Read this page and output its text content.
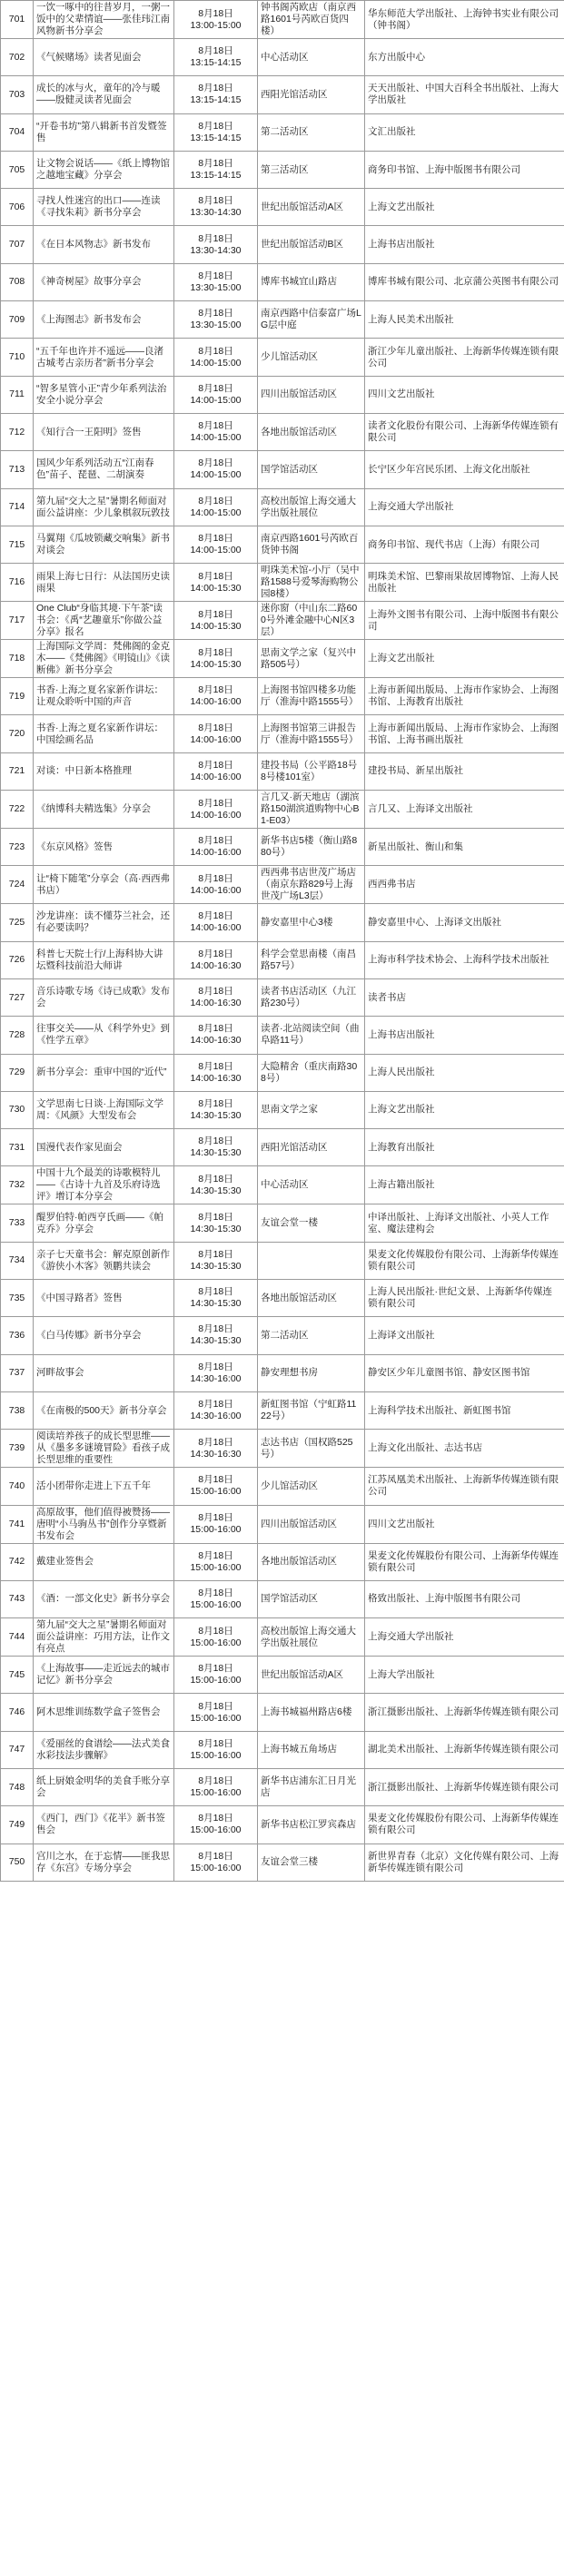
701	一饮一啄中的往昔岁月，一粥一饭中的父辈情谊——张佳玮江南风物新书分享会	8月18日
13:00-15:00	钟书阁芮欧店（南京西路1601号芮欧百货四楼）	华东师范大学出版社、上海钟书实业有限公司（钟书阁）
702	《气候赌场》读者见面会	8月18日
13:15-14:15	中心活动区	东方出版中心
703	成长的冰与火，童年的冷与暖——殷健灵读者见面会	8月18日
13:15-14:15	西阳光馆活动区	天天出版社、中国大百科全书出版社、上海大学出版社
704	“开卷书坊”第八辑新书首发暨签售	8月18日
13:15-14:15	第二活动区	文汇出版社
705	让文物会说话——《纸上博物馆之越地宝藏》分享会	8月18日
13:15-14:15	第三活动区	商务印书馆、上海中版图书有限公司
706	寻找人性迷宫的出口——连读《寻找朱莉》新书分享会	8月18日
13:30-14:30	世纪出版馆活动A区	上海文艺出版社
707	《在日本风物志》新书发布	8月18日
13:30-14:30	世纪出版馆活动B区	上海书店出版社
708	《神奇树屋》故事分享会	8月18日
13:30-15:00	博库书城宜山路店	博库书城有限公司、北京蒲公英图书有限公司
709	《上海图志》新书发布会	8月18日
13:30-15:00	南京西路中信泰富广场LG层中庭	上海人民美术出版社
710	“五千年也许并不遥远——良渚古城考古亲历者”新书分享会	8月18日
14:00-15:00	少儿馆活动区	浙江少年儿童出版社、上海新华传媒连锁有限公司
711	“智多星管小正”青少年系列法治安全小说分享会	8月18日
14:00-15:00	四川出版馆活动区	四川文艺出版社
712	《知行合一王阳明》签售	8月18日
14:00-15:00	各地出版馆活动区	读者文化股份有限公司、上海新华传媒连锁有限公司
713	国风少年系列活动五“江南春色”苗子、琵琶、二胡演奏	8月18日
14:00-15:00	国学馆活动区	长宁区少年宫民乐团、上海文化出版社
714	第九届“交大之星”暑期名师面对面公益讲座：少儿象棋叙玩敦技	8月18日
14:00-15:00	高校出版馆上海交通大学出版社展位	上海交通大学出版社
715	马翼翔《瓜坡锁藏交响集》新书对谈会	8月18日
14:00-15:00	南京西路1601号芮欧百货钟书阁	商务印书馆、现代书店（上海）有限公司
716	雨果上海七日行：从法国历史读雨果	8月18日
14:00-15:30	明珠美术馆-小厅（吴中路1588号爱琴海购物公园8楼）	明珠美术馆、巴黎雨果故居博物馆、上海人民出版社
717	One Club“身临其境·下午茶”读书会：《禹“艺趣童乐”你做公益分享》报名	8月18日
14:00-15:30	迷你窗（中山东二路600号外滩金融中心N区3层）	上海外文图书有限公司、上海中版图书有限公司
718	上海国际文学周：梵佛阁的金克木——《梵佛阁》《明镜山》《读断佛》新书分享会	8月18日
14:00-15:30	思南文学之家（复兴中路505号）	上海文艺出版社
719	书香·上海之夏名家新作讲坛：让观众聆听中国的声音	8月18日
14:00-16:00	上海图书馆四楼多功能厅（淮海中路1555号）	上海市新闻出版局、上海市作家协会、上海图书馆、上海教育出版社
720	书香·上海之夏名家新作讲坛：中国绘画名品	8月18日
14:00-16:00	上海图书馆第三讲报告厅（淮海中路1555号）	上海市新闻出版局、上海市作家协会、上海图书馆、上海书画出版社
721	对谈：中日新本格推理	8月18日
14:00-16:00	建投书局（公平路18号8号楼101室）	建投书局、新星出版社
722	《纳博科夫精选集》分享会	8月18日
14:00-16:00	言几又·新天地店（湖滨路150湖滨道购物中心B1-E03）	言几又、上海译文出版社
723	《东京风格》签售	8月18日
14:00-16:00	新华书店5楼（衡山路880号）	新星出版社、衡山和集
724	让“椅下随笔”分享会（高·西西弗书店）	8月18日
14:00-16:00	西西弗书店世茂广场店（南京东路829号上海世茂广场L3层）	西西弗书店
725	沙龙讲座：读不懂芬兰社会，还有必要读吗？	8月18日
14:00-16:00	静安嘉里中心3楼	静安嘉里中心、上海译文出版社
726	科普七天院士行/上海科协大讲坛暨科技前沿大师讲	8月18日
14:00-16:30	科学会堂思南楼（南昌路57号）	上海市科学技术协会、上海科学技术出版社
727	音乐诗歌专场《诗已成歌》发布会	8月18日
14:00-16:30	读者书店活动区（九江路230号）	读者书店
728	往事交关——从《科学外史》到《性学五章》	8月18日
14:00-16:30	读者·北站阅读空间（曲阜路11号）	上海书店出版社
729	新书分享会：重审中国的“近代”	8月18日
14:00-16:30	大隐精舍（重庆南路308号）	上海人民出版社
730	文学思南七日谈·上海国际文学周：《风颜》大型发布会	8月18日
14:30-15:30	思南文学之家	上海文艺出版社
731	国漫代表作家见面会	8月18日
14:30-15:30	西阳光馆活动区	上海教育出版社
732	中国十九个最美的诗歌模特儿——《古诗十九首及乐府诗选评》增订本分享会	8月18日
14:30-15:30	中心活动区	上海古籍出版社
733	醍罗伯特·帕西亨氏画——《帕克乔》分享会	8月18日
14:30-15:30	友谊会堂一楼	中译出版社、上海译文出版社、小英人工作室、魔法建构会
734	亲子七天童书会：解克原创新作《游侠小木客》领鹏共读会	8月18日
14:30-15:30		果麦文化传媒股份有限公司、上海新华传媒连锁有限公司
735	《中国寻路者》签售	8月18日
14:30-15:30	各地出版馆活动区	上海人民出版社·世纪文景、上海新华传媒连锁有限公司
736	《白马传娜》新书分享会	8月18日
14:30-15:30	第二活动区	上海译文出版社
737	河畔故事会	8月18日
14:30-16:00	静安理想书房	静安区少年儿童图书馆、静安区图书馆
738	《在南极的500天》新书分享会	8月18日
14:30-16:00	新虹图书馆（宁虹路1122号）	上海科学技术出版社、新虹图书馆
739	阅读培养孩子的成长型思维——从《墨多多谜境冒险》看孩子成长型思维的重要性	8月18日
14:30-16:30	志达书店（国权路525号）	上海文化出版社、志达书店
740	活小团带你走进上下五千年	8月18日
15:00-16:00	少儿馆活动区	江苏凤凰美术出版社、上海新华传媒连锁有限公司
741	高原故事，他们值得被赞扬——唐明“小马驹丛书”创作分享暨新书发布会	8月18日
15:00-16:00	四川出版馆活动区	四川文艺出版社
742	戴建业签售会	8月18日
15:00-16:00	各地出版馆活动区	果麦文化传媒股份有限公司、上海新华传媒连锁有限公司
743	《酒：一部文化史》新书分享会	8月18日
15:00-16:00	国学馆活动区	格致出版社、上海中版图书有限公司
744	第九届“交大之星”暑期名师面对面公益讲座：巧用方法，让作文有亮点	8月18日
15:00-16:00	高校出版馆上海交通大学出版社展位	上海交通大学出版社
745	《上海故事——走近远去的城市记忆》新书分享会	8月18日
15:00-16:00	世纪出版馆活动A区	上海大学出版社
746	阿木思维训练数学盒子签售会	8月18日
15:00-16:00	上海书城福州路店6楼	浙江摄影出版社、上海新华传媒连锁有限公司
747	《爱丽丝的食谱绘——法式美食水彩技法步骤解》	8月18日
15:00-16:00	上海书城五角场店	湖北美术出版社、上海新华传媒连锁有限公司
748	纸上厨娘金明华的美食手账分享会	8月18日
15:00-16:00	新华书店浦东汇日月光店	浙江摄影出版社、上海新华传媒连锁有限公司
749	《西门，西门》《花半》新书签售会	8月18日
15:00-16:00	新华书店松江罗宾森店	果麦文化传媒股份有限公司、上海新华传媒连锁有限公司
750	宫川之水，在于忘情——匪我思存《东宫》专场分享会	8月18日
15:00-16:00	友谊会堂三楼	新世界青春（北京）文化传媒有限公司、上海新华传媒连锁有限公司
